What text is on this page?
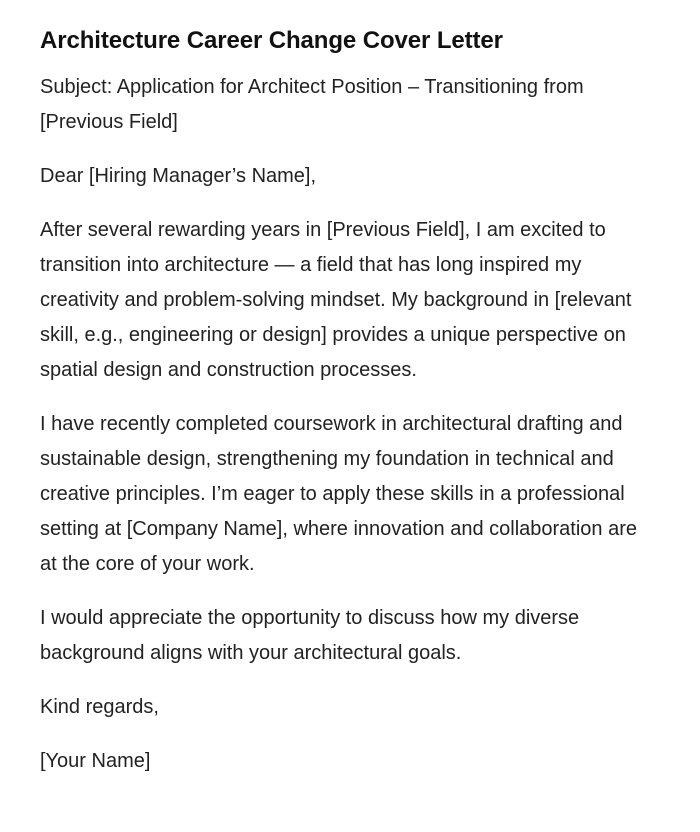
Architecture Career Change Cover Letter

Subject: Application for Architect Position – Transitioning from [Previous Field]

Dear [Hiring Manager’s Name],

After several rewarding years in [Previous Field], I am excited to transition into architecture — a field that has long inspired my creativity and problem-solving mindset. My background in [relevant skill, e.g., engineering or design] provides a unique perspective on spatial design and construction processes.

I have recently completed coursework in architectural drafting and sustainable design, strengthening my foundation in technical and creative principles. I’m eager to apply these skills in a professional setting at [Company Name], where innovation and collaboration are at the core of your work.

I would appreciate the opportunity to discuss how my diverse background aligns with your architectural goals.

Kind regards,

[Your Name]
